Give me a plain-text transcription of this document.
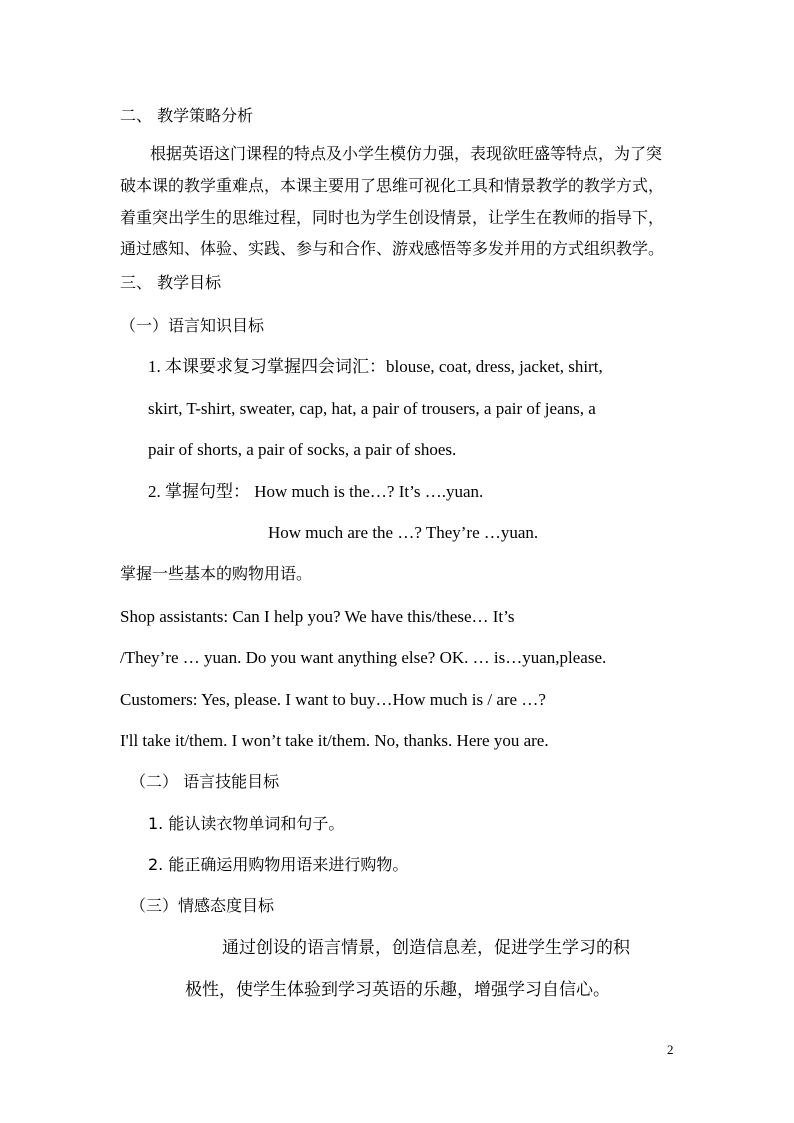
二、 教学策略分析
根据英语这门课程的特点及小学生模仿力强，表现欲旺盛等特点，为了突
破本课的教学重难点，本课主要用了思维可视化工具和情景教学的教学方式，
着重突出学生的思维过程，同时也为学生创设情景，让学生在教师的指导下，
通过感知、体验、实践、参与和合作、游戏感悟等多发并用的方式组织教学。
三、 教学目标
（一）语言知识目标
1. 本课要求复习掌握四会词汇：blouse, coat, dress, jacket, shirt,
skirt, T-shirt, sweater, cap, hat, a pair of trousers, a pair of jeans, a
pair of shorts, a pair of socks, a pair of shoes.
2. 掌握句型： How much is the…? It’s ….yuan.
How much are the …? They’re …yuan.
掌握一些基本的购物用语。
Shop assistants: Can I help you? We have this/these… It’s
/They’re … yuan. Do you want anything else? OK. … is…yuan,please.
Customers: Yes, please. I want to buy…How much is / are …?
I'll take it/them. I won’t take it/them. No, thanks. Here you are.
（二） 语言技能目标
1. 能认读衣物单词和句子。
2. 能正确运用购物用语来进行购物。
（三）情感态度目标
通过创设的语言情景，创造信息差，促进学生学习的积
极性，使学生体验到学习英语的乐趣，增强学习自信心。
2
